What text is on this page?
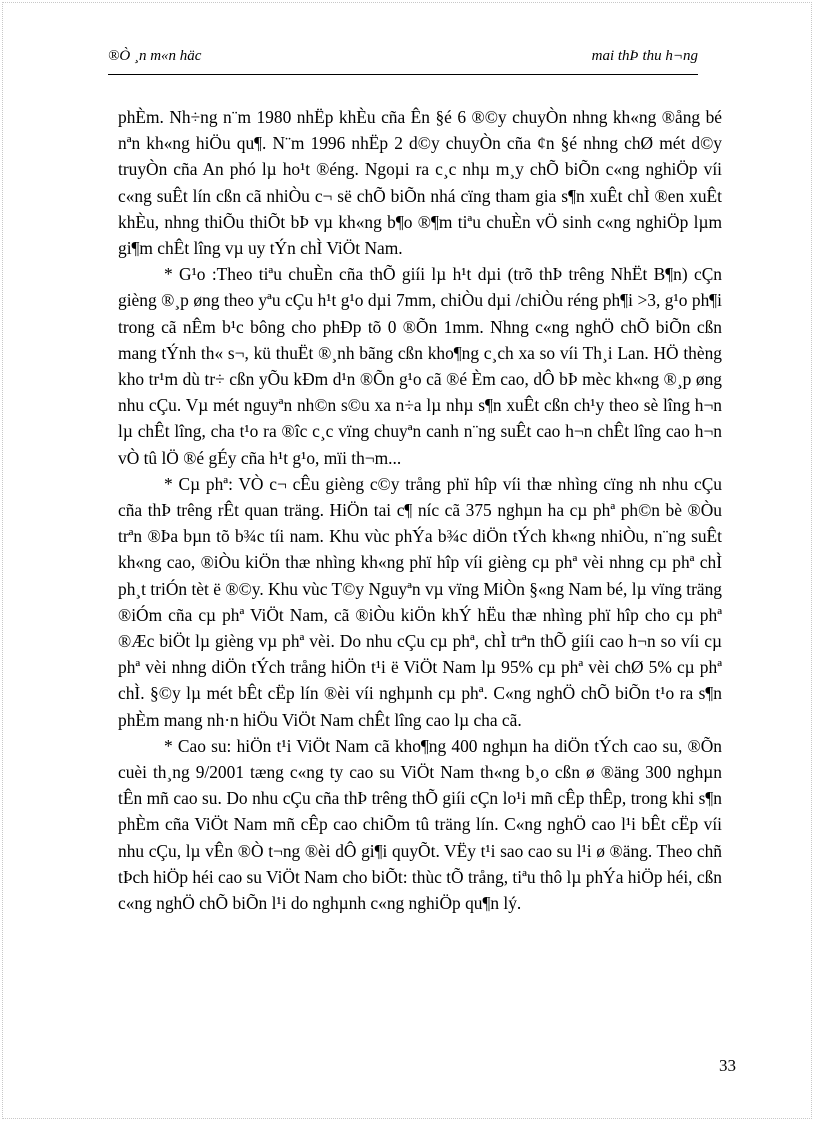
®Ò ¸n m«n häc	mai thÞ thu h¬ng

phÈm. Nh÷ng n¨m 1980 nhËp khÈu cña Ên §é 6 ®©y chuyÒn nhng kh«ng ®ång bé nªn kh«ng hiÖu qu¶. N¨m 1996 nhËp 2 d©y chuyÒn cña ¢n §é nhng chØ mét d©y truyÒn cña An phó lµ ho¹t ®éng. Ngoµi ra c¸c nhµ m¸y chÕ biÕn c«ng nghiÖp víi c«ng suÊt lín cßn cã nhiÒu c¬ së chÕ biÕn nhá cïng tham gia s¶n xuÊt chÌ ®en xuÊt khÈu, nhng thiÕu thiÕt bÞ vµ kh«ng b¶o ®¶m tiªu chuÈn vÖ sinh c«ng nghiÖp lµm gi¶m chÊt lîng vµ uy tÝn chÌ ViÖt Nam.

* G¹o :Theo tiªu chuÈn cña thÕ giíi lµ h¹t dµi (trõ thÞ trêng NhËt B¶n) cÇn gièng ®¸p øng theo yªu cÇu h¹t g¹o dµi 7mm, chiÒu dµi /chiÒu réng ph¶i >3, g¹o ph¶i trong cã nÊm b¹c bông cho phÐp tõ 0 ®Õn 1mm. Nhng c«ng nghÖ chÕ biÕn cßn mang tÝnh th« s¬, kü thuËt ®¸nh bãng cßn kho¶ng c¸ch xa so víi Th¸i Lan. HÖ thèng kho tr¹m dù tr÷ cßn yÕu kÐm d¹n ®Õn g¹o cã ®é Èm cao, dÔ bÞ mèc kh«ng ®¸p øng nhu cÇu. Vµ mét nguyªn nh©n s©u xa n÷a lµ nhµ s¶n xuÊt cßn ch¹y theo sè lîng h¬n lµ chÊt lîng, cha t¹o ra ®îc c¸c vïng chuyªn canh n¨ng suÊt cao h¬n chÊt lîng cao h¬n vÒ tû lÖ ®é gÉy cña h¹t g¹o, mïi th¬m...

* Cµ phª: VÒ c¬ cÊu gièng c©y trång phï hîp víi thæ nhìng cïng nh nhu cÇu cña thÞ trêng rÊt quan träng. HiÖn tai c¶ níc cã 375 nghµn ha cµ phª ph©n bè ®Òu trªn ®Þa bµn tõ b¾c tíi nam. Khu vùc phÝa b¾c diÖn tÝch kh«ng nhiÒu, n¨ng suÊt kh«ng cao, ®iÒu kiÖn thæ nhìng kh«ng phï hîp víi gièng cµ phª vèi nhng cµ phª chÌ ph¸t triÓn tèt ë ®©y. Khu vùc T©y Nguyªn vµ vïng MiÒn §«ng Nam bé, lµ vïng träng ®iÓm cña cµ phª ViÖt Nam, cã ®iÒu kiÖn khÝ hËu thæ nhìng phï hîp cho cµ phª ®Æc biÖt lµ gièng vµ phª vèi. Do nhu cÇu cµ phª, chÌ trªn thÕ giíi cao h¬n so víi cµ phª vèi nhng diÖn tÝch trång hiÖn t¹i ë ViÖt Nam lµ 95% cµ phª vèi chØ 5% cµ phª chÌ. §©y lµ mét bÊt cËp lín ®èi víi nghµnh cµ phª. C«ng nghÖ chÕ biÕn t¹o ra s¶n phÈm mang nh·n hiÖu ViÖt Nam chÊt lîng cao lµ cha cã.

* Cao su: hiÖn t¹i ViÖt Nam cã kho¶ng 400 nghµn ha diÖn tÝch cao su, ®Õn cuèi th¸ng 9/2001 tæng c«ng ty cao su ViÖt Nam th«ng b¸o cßn ø ®äng 300 nghµn tÊn mñ cao su. Do nhu cÇu cña thÞ trêng thÕ giíi cÇn lo¹i mñ cÊp thÊp, trong khi s¶n phÈm cña ViÖt Nam mñ cÊp cao chiÕm tû träng lín. C«ng nghÖ cao l¹i bÊt cËp víi nhu cÇu, lµ vÊn ®Ò t¬ng ®èi dÔ gi¶i quyÕt. VËy t¹i sao cao su l¹i ø ®äng. Theo chñ tÞch hiÖp héi cao su ViÖt Nam cho biÕt: thùc tÕ trång, tiªu thô lµ phÝa hiÖp héi, cßn c«ng nghÖ chÕ biÕn l¹i do nghµnh c«ng nghiÖp qu¶n lý.

33
